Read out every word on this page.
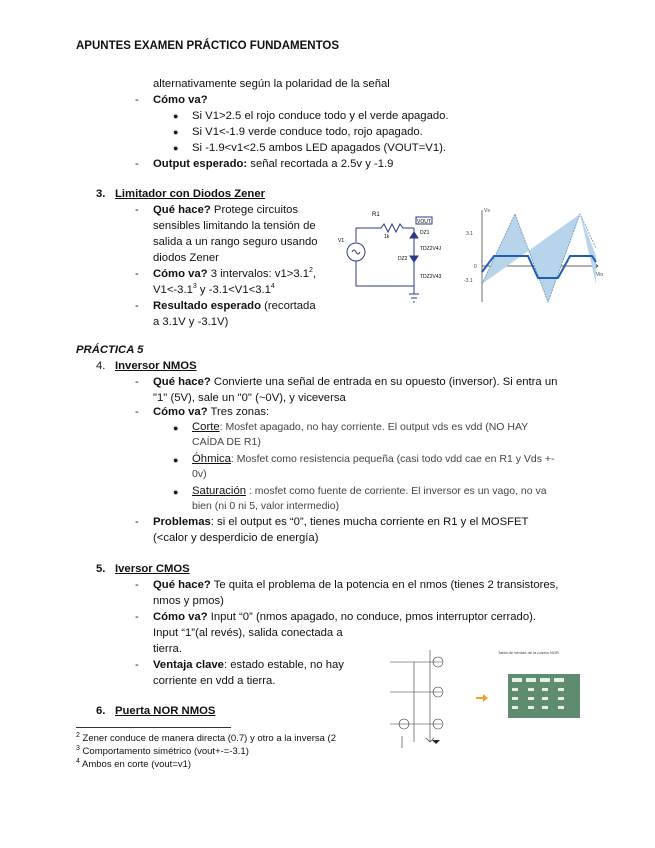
APUNTES EXAMEN PRÁCTICO FUNDAMENTOS
alternativamente según la polaridad de la señal
- Cómo va?
● Si V1>2.5 el rojo conduce todo y el verde apagado.
● Si V1<-1.9 verde conduce todo, rojo apagado.
● Si -1.9<v1<2.5 ambos LED apagados (VOUT=V1).
- Output esperado: señal recortada a 2.5v y -1.9
3. Limitador con Diodos Zener
- Qué hace? Protege circuitos
sensibles limitando la tensión de
salida a un rango seguro usando
diodos Zener
- Cómo va? 3 intervalos: $v1>3.1^2$,
$V1<-3.1^3$ y $-3.1<V1<3.1^4$
- Resultado esperado (recortada
a 3.1V y -3.1V)
R1
1k
V1
VOUT
DZ1
TDZ2V4J
DZ2
TDZ2V43
Vs
3.1
0
-3.1
Vin
PRÁCTICA 5
4. Inversor NMOS
- Qué hace? Convierte una señal de entrada en su opuesto (inversor). Si entra un
"1" (5V), sale un "0" (~0V), y viceversa
- Cómo va? Tres zonas:
● Corte: Mosfet apagado, no hay corriente. El output vds es vdd (NO HAY
CAÍDA DE R1)
● Óhmica: Mosfet como resistencia pequeña (casi todo vdd cae en R1 y Vds +-
0v)
● Saturación : mosfet como fuente de corriente. El inversor es un vago, no va
bien (ni 0 ni 5, valor intermedio)
- Problemas: si el output es “0”, tienes mucha corriente en R1 y el MOSFET
(<calor y desperdicio de energía)
5. Iversor CMOS
- Qué hace? Te quita el problema de la potencia en el nmos (tienes 2 transistores,
nmos y pmos)
- Cómo va? Input “0” (nmos apagado, no conduce, pmos interruptor cerrado).
Input “1”(al revés), salida conectada a
tierra.
- Ventaja clave: estado estable, no hay
corriente en vdd a tierra.
6. Puerta NOR NMOS
Tabla de verdad de la puerta NOR
$^2$ Zener conduce de manera directa (0.7) y otro a la inversa (2
$^3$ Comportamento simétrico (vout+-=-3.1)
$^4$ Ambos en corte (vout=v1)
